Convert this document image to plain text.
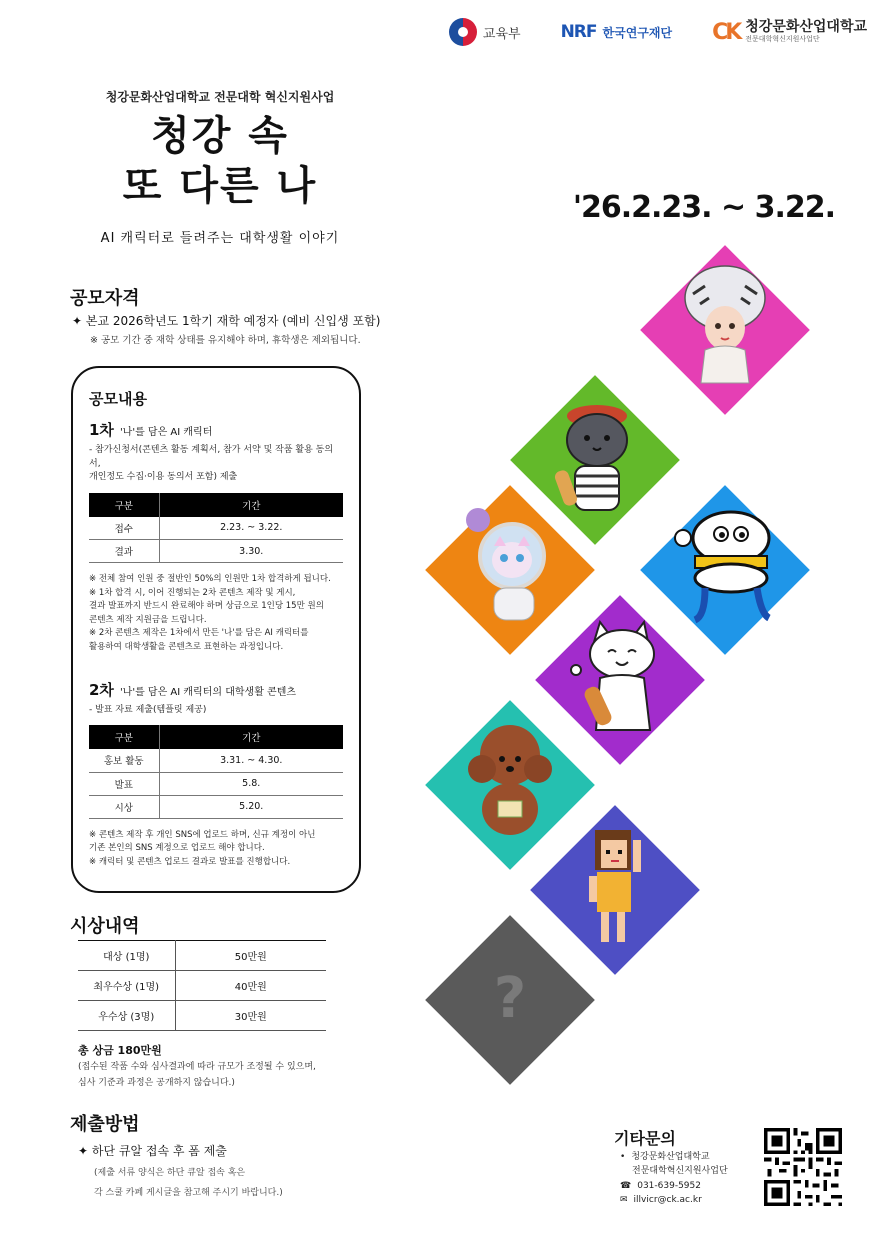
교육부 NRF 한국연구재단 CK 청강문화산업대학교
전문대학혁신지원사업단
청강문화산업대학교 전문대학 혁신지원사업
청강 속
또 다른 나
AI 캐릭터로 들려주는 대학생활 이야기
'26.2.23. ~ 3.22.
공모자격
✦ 본교 2026학년도 1학기 재학 예정자 (예비 신입생 포함)
※ 공모 기간 중 재학 상태를 유지해야 하며, 휴학생은 제외됩니다.
공모내용
1차 '나'를 담은 AI 캐릭터
- 참가신청서(콘텐츠 활동 계획서, 참가 서약 및 작품 활용 동의서,
개인정도 수집·이용 동의서 포함) 제출
구분	기간
접수	2.23. ~ 3.22.
결과	3.30.
※ 전체 참여 인원 중 절반인 50%의 인원만 1차 합격하게 됩니다.
※ 1차 합격 시, 이어 진행되는 2차 콘텐츠 제작 및 게시,
결과 발표까지 반드시 완료해야 하며 상금으로 1인당 15만 원의
콘텐츠 제작 지원금을 드립니다.
※ 2차 콘텐츠 제작은 1차에서 만든 '나'를 담은 AI 캐릭터를
활용하여 대학생활을 콘텐츠로 표현하는 과정입니다.
2차 '나'를 담은 AI 캐릭터의 대학생활 콘텐츠
- 발표 자료 제출(템플릿 제공)
구분	기간
홍보 활동	3.31. ~ 4.30.
발표	5.8.
시상	5.20.
※ 콘텐츠 제작 후 개인 SNS에 업로드 하며, 신규 계정이 아닌
기존 본인의 SNS 계정으로 업로드 해야 합니다.
※ 캐릭터 및 콘텐츠 업로드 결과로 발표를 진행합니다.
시상내역
대상 (1명)	50만원
최우수상 (1명)	40만원
우수상 (3명)	30만원
총 상금 180만원
(접수된 작품 수와 심사결과에 따라 규모가 조정될 수 있으며,
심사 기준과 과정은 공개하지 않습니다.)
제출방법
✦ 하단 큐알 접속 후 폼 제출
(제출 서류 양식은 하단 큐알 접속 혹은
각 스쿨 카페 게시글을 참고해 주시기 바랍니다.)
기타문의
• 청강문화산업대학교
전문대학혁신지원사업단
☎ 031-639-5952
✉ illvicr@ck.ac.kr
?
